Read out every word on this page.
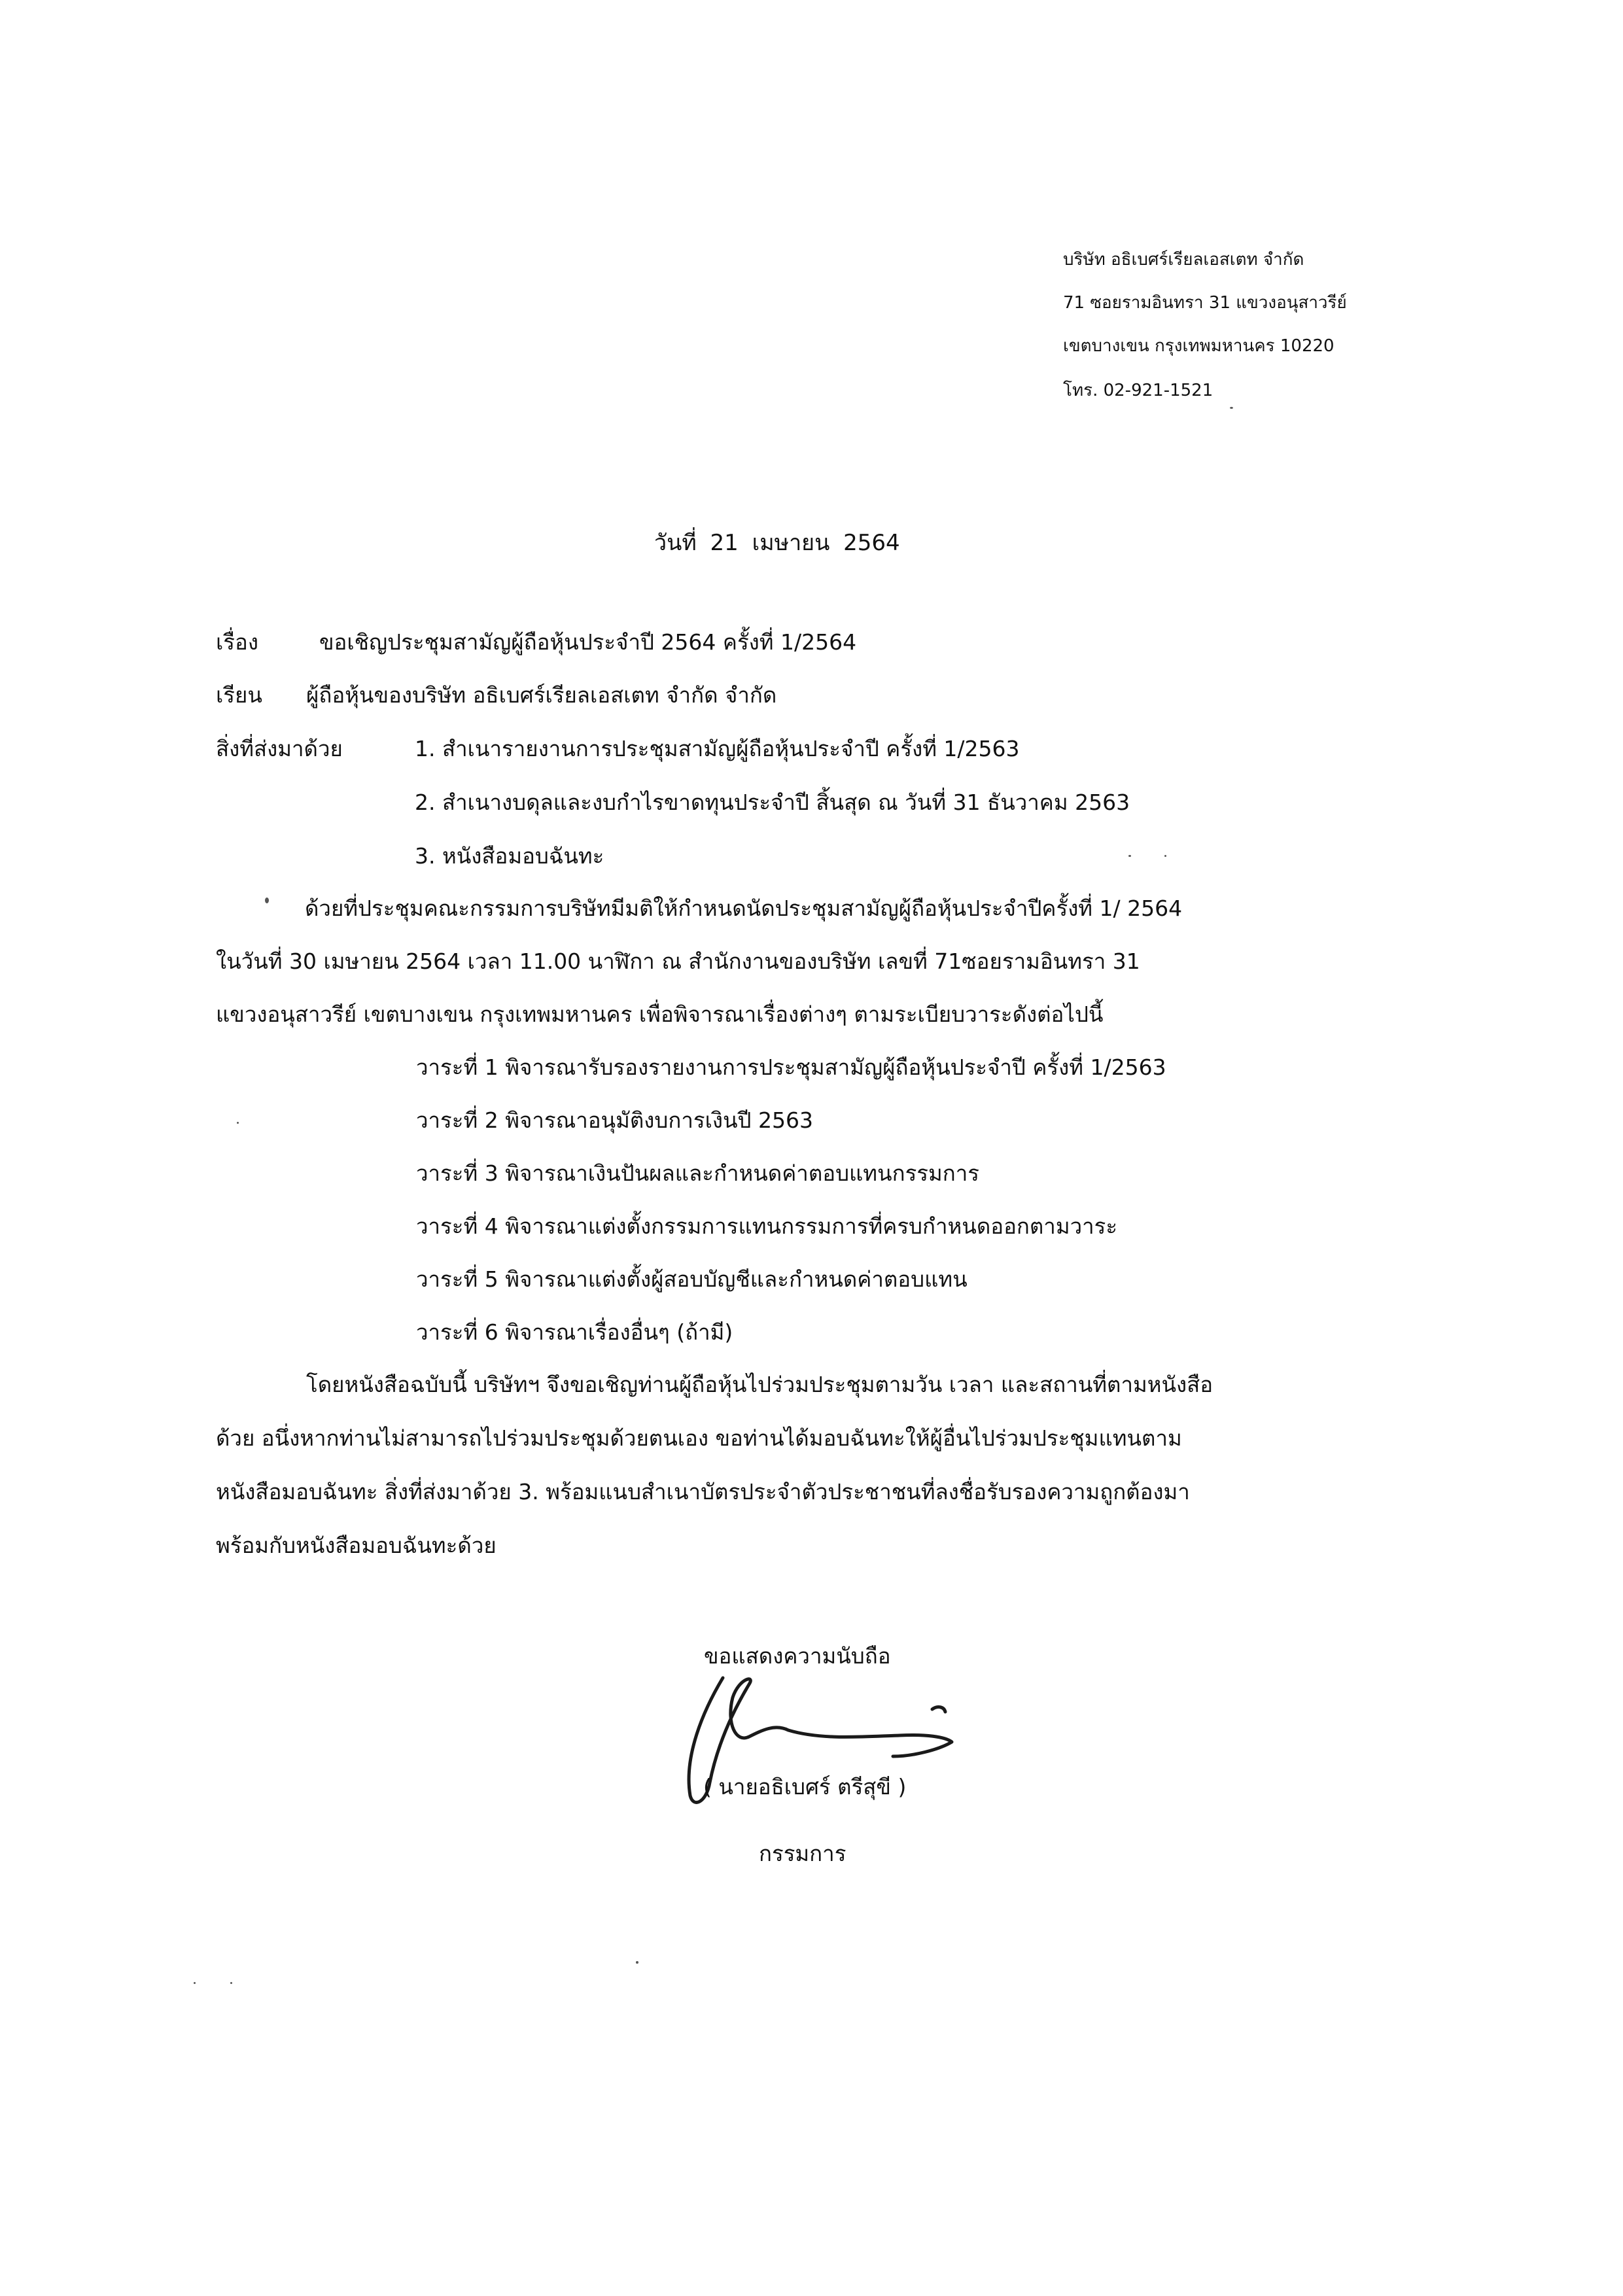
บริษัท อธิเบศร์เรียลเอสเตท จำกัด
71 ซอยรามอินทรา 31 แขวงอนุสาวรีย์
เขตบางเขน กรุงเทพมหานคร 10220
โทร. 02-921-1521
วันที่ 21 เมษายน 2564
เรื่อง	ขอเชิญประชุมสามัญผู้ถือหุ้นประจำปี 2564 ครั้งที่ 1/2564
เรียน ผู้ถือหุ้นของบริษัท อธิเบศร์เรียลเอสเตท จำกัด จำกัด
สิ่งที่ส่งมาด้วย	1. สำเนารายงานการประชุมสามัญผู้ถือหุ้นประจำปี ครั้งที่ 1/2563
2. สำเนางบดุลและงบกำไรขาดทุนประจำปี สิ้นสุด ณ วันที่ 31 ธันวาคม 2563
3. หนังสือมอบฉันทะ
ด้วยที่ประชุมคณะกรรมการบริษัทมีมติให้กำหนดนัดประชุมสามัญผู้ถือหุ้นประจำปีครั้งที่ 1/ 2564
ในวันที่ 30 เมษายน 2564 เวลา 11.00 นาฬิกา ณ สำนักงานของบริษัท เลขที่ 71ซอยรามอินทรา 31
แขวงอนุสาวรีย์ เขตบางเขน กรุงเทพมหานคร เพื่อพิจารณาเรื่องต่างๆ ตามระเบียบวาระดังต่อไปนี้
วาระที่ 1 พิจารณารับรองรายงานการประชุมสามัญผู้ถือหุ้นประจำปี ครั้งที่ 1/2563
วาระที่ 2 พิจารณาอนุมัติงบการเงินปี 2563
วาระที่ 3 พิจารณาเงินปันผลและกำหนดค่าตอบแทนกรรมการ
วาระที่ 4 พิจารณาแต่งตั้งกรรมการแทนกรรมการที่ครบกำหนดออกตามวาระ
วาระที่ 5 พิจารณาแต่งตั้งผู้สอบบัญชีและกำหนดค่าตอบแทน
วาระที่ 6 พิจารณาเรื่องอื่นๆ (ถ้ามี)
โดยหนังสือฉบับนี้ บริษัทฯ จึงขอเชิญท่านผู้ถือหุ้นไปร่วมประชุมตามวัน เวลา และสถานที่ตามหนังสือ
ด้วย อนึ่งหากท่านไม่สามารถไปร่วมประชุมด้วยตนเอง ขอท่านได้มอบฉันทะให้ผู้อื่นไปร่วมประชุมแทนตาม
หนังสือมอบฉันทะ สิ่งที่ส่งมาด้วย 3. พร้อมแนบสำเนาบัตรประจำตัวประชาชนที่ลงชื่อรับรองความถูกต้องมา
พร้อมกับหนังสือมอบฉันทะด้วย
ขอแสดงความนับถือ
( นายอธิเบศร์ ตรีสุขี )
กรรมการ
